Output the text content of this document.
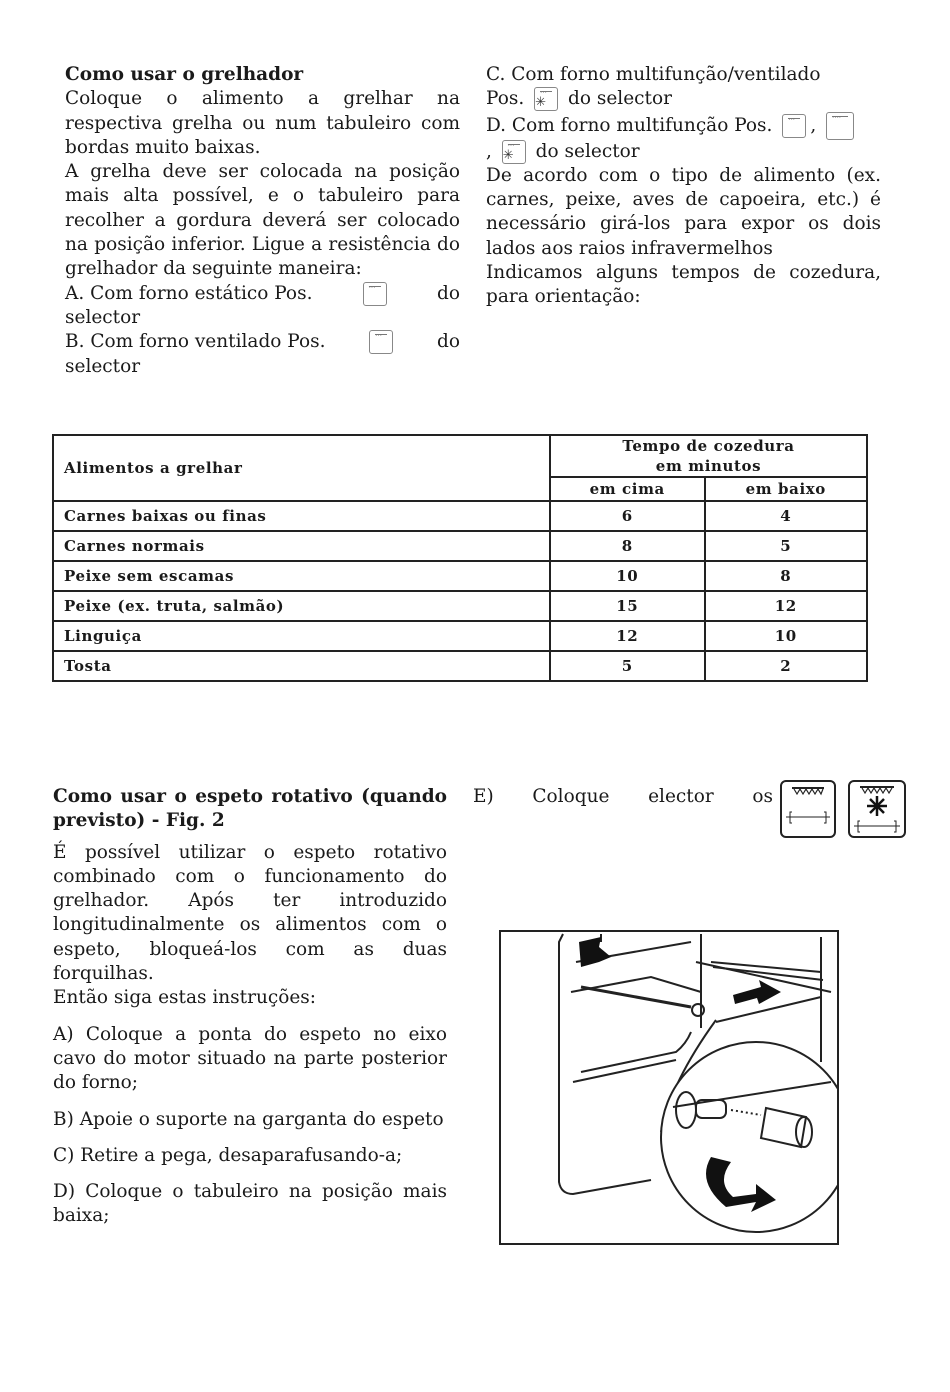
Como usar o grelhador

Coloque o alimento a grelhar na respectiva grelha ou num tabuleiro com bordas muito baixas.

A grelha deve ser colocada na posição mais alta possível, e o tabuleiro para recolher a gordura deverá ser colocado na posição inferior. Ligue a resistência do grelhador da seguinte maneira:

A. Com forno estático Pos.	ᵛᵛᵛ	do

selector

B. Com forno ventilado Pos.	ᵛᵛᵛ	do

selector

C. Com forno multifunção/ventilado

Pos.	ᵛᵛᵛ
✳	do selector

D. Com forno multifunção Pos.	ᵛᵛᵛ ,	ᵛᵛᵛᵛ

,	ᵛᵛᵛ
✳	do selector

De acordo com o tipo de alimento (ex. carnes, peixe, aves de capoeira, etc.) é necessário girá-los para expor os dois lados aos raios infravermelhos

Indicamos alguns tempos de cozedura, para orientação:

Alimentos a grelhar	Tempo de cozedura
em minutos	
	em cima	em baixo
Carnes baixas ou finas	6	4
Carnes normais	8	5
Peixe sem escamas	10	8
Peixe (ex. truta, salmão)	15	12
Linguiça	12	10
Tosta	5	2

Como usar o espeto rotativo (quando previsto) - Fig. 2

É possível utilizar o espeto rotativo combinado com o funcionamento do grelhador. Após ter introduzido longitudinalmente os alimentos com o espeto, bloqueá-los com as duas forquilhas.

Então siga estas instruções:

A) Coloque a ponta do espeto no eixo cavo do motor situado na parte posterior do forno;

B) Apoie o suporte na garganta do espeto

C) Retire a pega, desaparafusando-a;

D) Coloque o tabuleiro na posição mais baixa;

E) Coloque elector os
